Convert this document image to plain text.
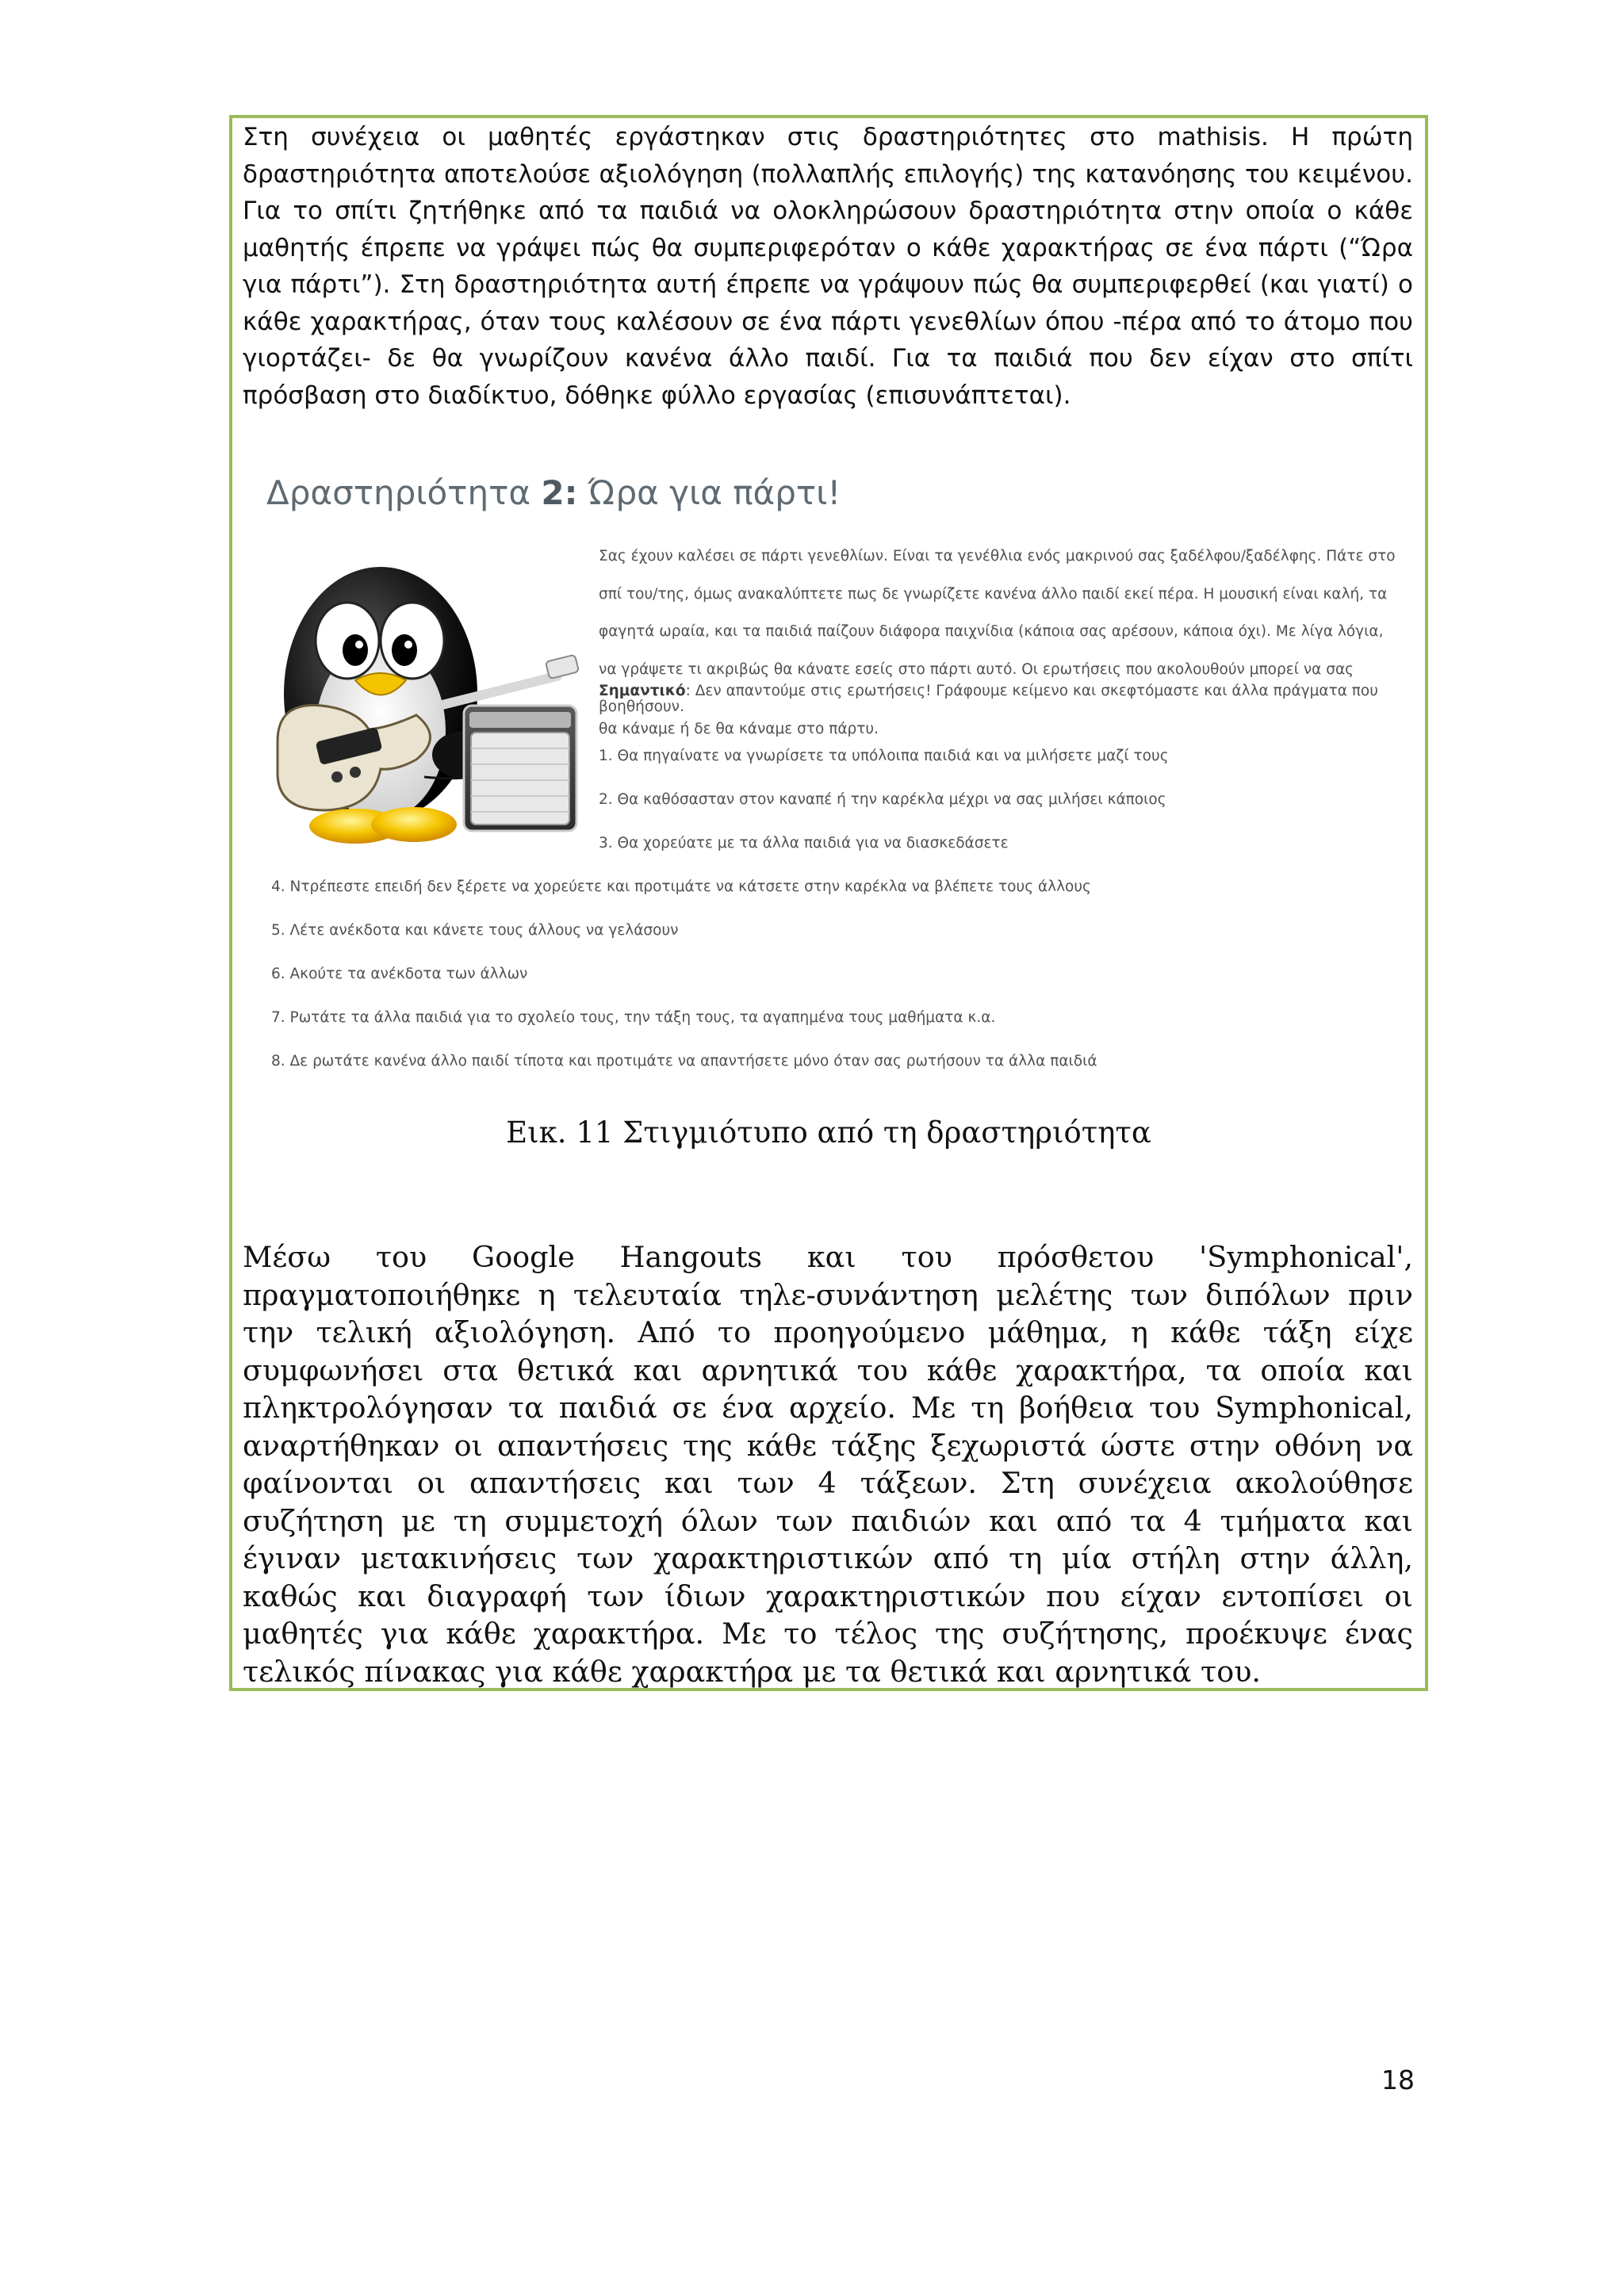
Στη συνέχεια οι μαθητές εργάστηκαν στις δραστηριότητες στο mathisis. Η πρώτη δραστηριότητα αποτελούσε αξιολόγηση (πολλαπλής επιλογής) της κατανόησης του κειμένου. Για το σπίτι ζητήθηκε από τα παιδιά να ολοκληρώσουν δραστηριότητα στην οποία ο κάθε μαθητής έπρεπε να γράψει πώς θα συμπεριφερόταν ο κάθε χαρακτήρας σε ένα πάρτι (“Ώρα για πάρτι”). Στη δραστηριότητα αυτή έπρεπε να γράψουν πώς θα συμπεριφερθεί (και γιατί) ο κάθε χαρακτήρας, όταν τους καλέσουν σε ένα πάρτι γενεθλίων όπου -πέρα από το άτομο που γιορτάζει- δε θα γνωρίζουν κανένα άλλο παιδί. Για τα παιδιά που δεν είχαν στο σπίτι πρόσβαση στο διαδίκτυο, δόθηκε φύλλο εργασίας (επισυνάπτεται).

Δραστηριότητα 2: Ώρα για πάρτι!

Σας έχουν καλέσει σε πάρτι γενεθλίων. Είναι τα γενέθλια ενός μακρινού σας ξαδέλφου/ξαδέλφης. Πάτε στο σπί του/της, όμως ανακαλύπτετε πως δε γνωρίζετε κανένα άλλο παιδί εκεί πέρα. Η μουσική είναι καλή, τα φαγητά ωραία, και τα παιδιά παίζουν διάφορα παιχνίδια (κάποια σας αρέσουν, κάποια όχι). Με λίγα λόγια, να γράψετε τι ακριβώς θα κάνατε εσείς στο πάρτι αυτό. Οι ερωτήσεις που ακολουθούν μπορεί να σας βοηθήσουν.

Σημαντικό: Δεν απαντούμε στις ερωτήσεις! Γράφουμε κείμενο και σκεφτόμαστε και άλλα πράγματα που θα κάναμε ή δε θα κάναμε στο πάρτυ.

1. Θα πηγαίνατε να γνωρίσετε τα υπόλοιπα παιδιά και να μιλήσετε μαζί τους

2. Θα καθόσασταν στον καναπέ ή την καρέκλα μέχρι να σας μιλήσει κάποιος

3. Θα χορεύατε με τα άλλα παιδιά για να διασκεδάσετε

4. Ντρέπεστε επειδή δεν ξέρετε να χορεύετε και προτιμάτε να κάτσετε στην καρέκλα να βλέπετε τους άλλους

5. Λέτε ανέκδοτα και κάνετε τους άλλους να γελάσουν

6. Ακούτε τα ανέκδοτα των άλλων

7. Ρωτάτε τα άλλα παιδιά για το σχολείο τους, την τάξη τους, τα αγαπημένα τους μαθήματα κ.α.

8. Δε ρωτάτε κανένα άλλο παιδί τίποτα και προτιμάτε να απαντήσετε μόνο όταν σας ρωτήσουν τα άλλα παιδιά

Εικ. 11 Στιγμιότυπο από τη δραστηριότητα

Μέσω του Google Hangouts και του πρόσθετου 'Symphonical', πραγματοποιήθηκε η τελευταία τηλε-συνάντηση μελέτης των διπόλων πριν την τελική αξιολόγηση. Από το προηγούμενο μάθημα, η κάθε τάξη είχε συμφωνήσει στα θετικά και αρνητικά του κάθε χαρακτήρα, τα οποία και πληκτρολόγησαν τα παιδιά σε ένα αρχείο. Με τη βοήθεια του Symphonical, αναρτήθηκαν οι απαντήσεις της κάθε τάξης ξεχωριστά ώστε στην οθόνη να φαίνονται οι απαντήσεις και των 4 τάξεων. Στη συνέχεια ακολούθησε συζήτηση με τη συμμετοχή όλων των παιδιών και από τα 4 τμήματα και έγιναν μετακινήσεις των χαρακτηριστικών από τη μία στήλη στην άλλη, καθώς και διαγραφή των ίδιων χαρακτηριστικών που είχαν εντοπίσει οι μαθητές για κάθε χαρακτήρα. Με το τέλος της συζήτησης, προέκυψε ένας τελικός πίνακας για κάθε χαρακτήρα με τα θετικά και αρνητικά του.

18
